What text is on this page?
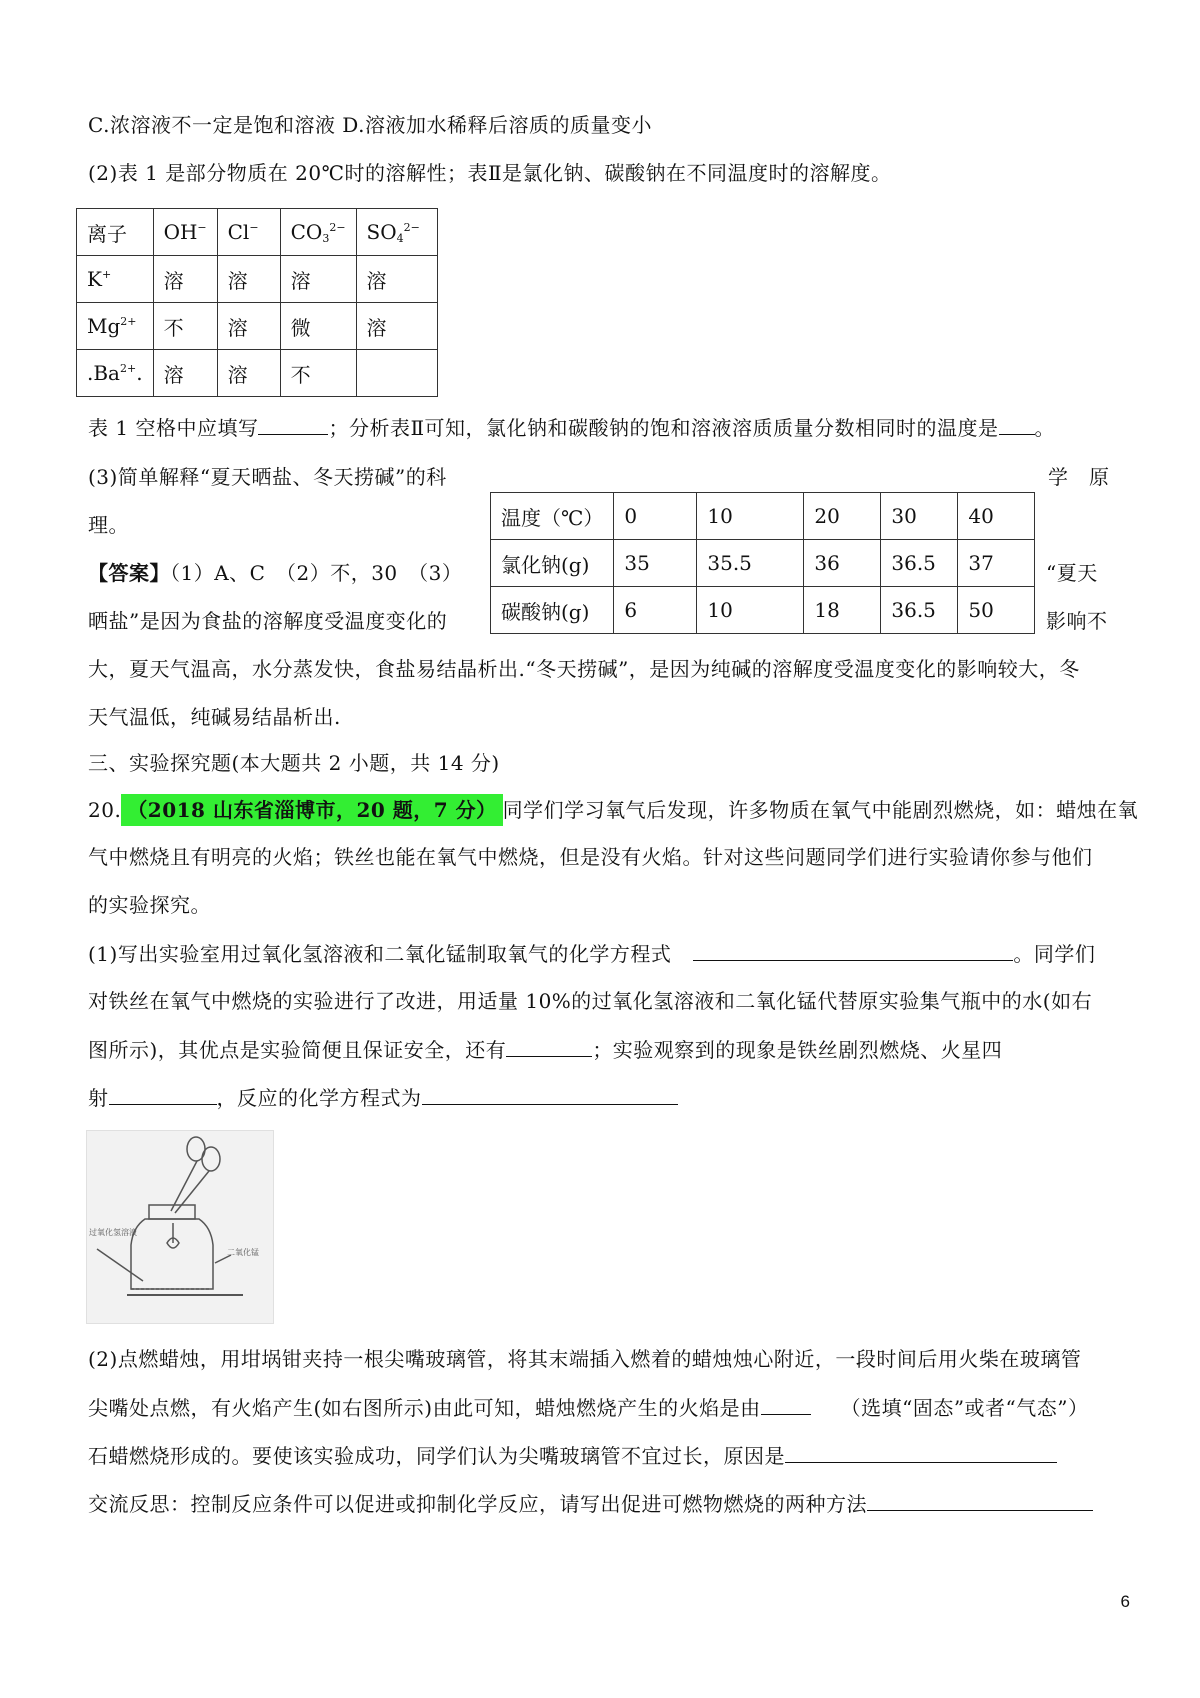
C.浓溶液不一定是饱和溶液 D.溶液加水稀释后溶质的质量变小
(2)表 1 是部分物质在 20℃时的溶解性；表Ⅱ是氯化钠、碳酸钠在不同温度时的溶解度。
离子	OH−	Cl−	$CO_3^{2-}$	$SO_4^{2-}$
K+	溶	溶	溶	溶
$Mg^{2+}$	不	溶	微	溶
$.Ba^{2+}$.	溶	溶	不	
表 1 空格中应填写	；分析表Ⅱ可知，氯化钠和碳酸钠的饱和溶液溶质质量分数相同时的温度是 。
(3)简单解释“夏天晒盐、冬天捞碱”的科	学　原
理。	温度（℃）	0	10	20	30	40
氯化钠(g)	35	35.5	36	36.5	37
碳酸钠(g)	6	10	18	36.5	50
【答案】（1）A、C　（2）不，30　（3）	“夏天
晒盐”是因为食盐的溶解度受温度变化的	影响不
大，夏天气温高，水分蒸发快，食盐易结晶析出.“冬天捞碱”，是因为纯碱的溶解度受温度变化的影响较大，冬
天气温低，纯碱易结晶析出.
三、实验探究题(本大题共 2 小题，共 14 分)
20. （2018 山东省淄博市，20 题，7 分） 同学们学习氧气后发现，许多物质在氧气中能剧烈燃烧，如：蜡烛在氧
气中燃烧且有明亮的火焰；铁丝也能在氧气中燃烧，但是没有火焰。针对这些问题同学们进行实验请你参与他们
的实验探究。
(1)写出实验室用过氧化氢溶液和二氧化锰制取氧气的化学方程式	。同学们
对铁丝在氧气中燃烧的实验进行了改进，用适量 10%的过氧化氢溶液和二氧化锰代替原实验集气瓶中的水(如右
图所示)，其优点是实验简便且保证安全，还有	；实验观察到的现象是铁丝剧烈燃烧、火星四
射	，反应的化学方程式为
过氧化氢溶液
二氧化锰
(2)点燃蜡烛，用坩埚钳夹持一根尖嘴玻璃管，将其末端插入燃着的蜡烛烛心附近，一段时间后用火柴在玻璃管
尖嘴处点燃，有火焰产生(如右图所示)由此可知，蜡烛燃烧产生的火焰是由	（选填“固态”或者“气态”）
石蜡燃烧形成的。要使该实验成功，同学们认为尖嘴玻璃管不宜过长，原因是
交流反思：控制反应条件可以促进或抑制化学反应，请写出促进可燃物燃烧的两种方法
6
